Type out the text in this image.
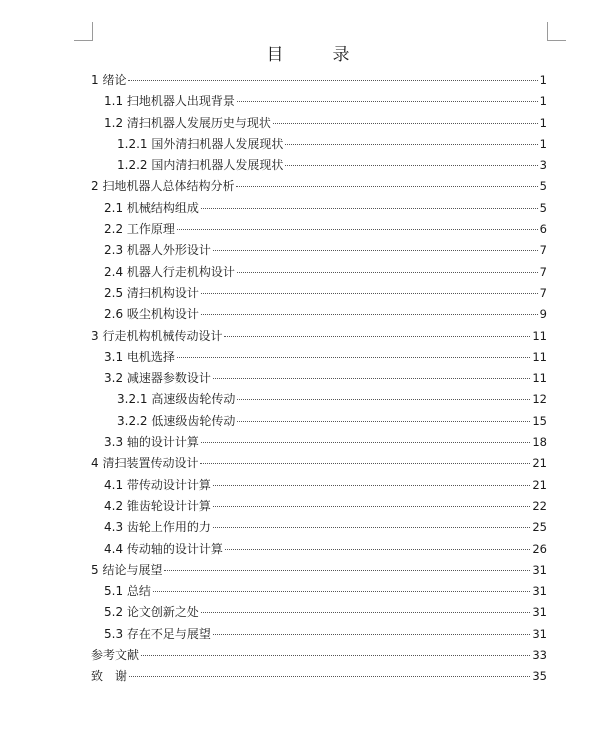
目　录
1 绪论	1
1.1 扫地机器人出现背景	1
1.2 清扫机器人发展历史与现状	1
1.2.1 国外清扫机器人发展现状	1
1.2.2 国内清扫机器人发展现状	3
2 扫地机器人总体结构分析	5
2.1 机械结构组成	5
2.2 工作原理	6
2.3 机器人外形设计	7
2.4 机器人行走机构设计	7
2.5 清扫机构设计	7
2.6 吸尘机构设计	9
3 行走机构机械传动设计	11
3.1 电机选择	11
3.2 减速器参数设计	11
3.2.1 高速级齿轮传动	12
3.2.2 低速级齿轮传动	15
3.3 轴的设计计算	18
4 清扫装置传动设计	21
4.1 带传动设计计算	21
4.2 锥齿轮设计计算	22
4.3 齿轮上作用的力	25
4.4 传动轴的设计计算	26
5 结论与展望	31
5.1 总结	31
5.2 论文创新之处	31
5.3 存在不足与展望	31
参考文献	33
致　谢	35
